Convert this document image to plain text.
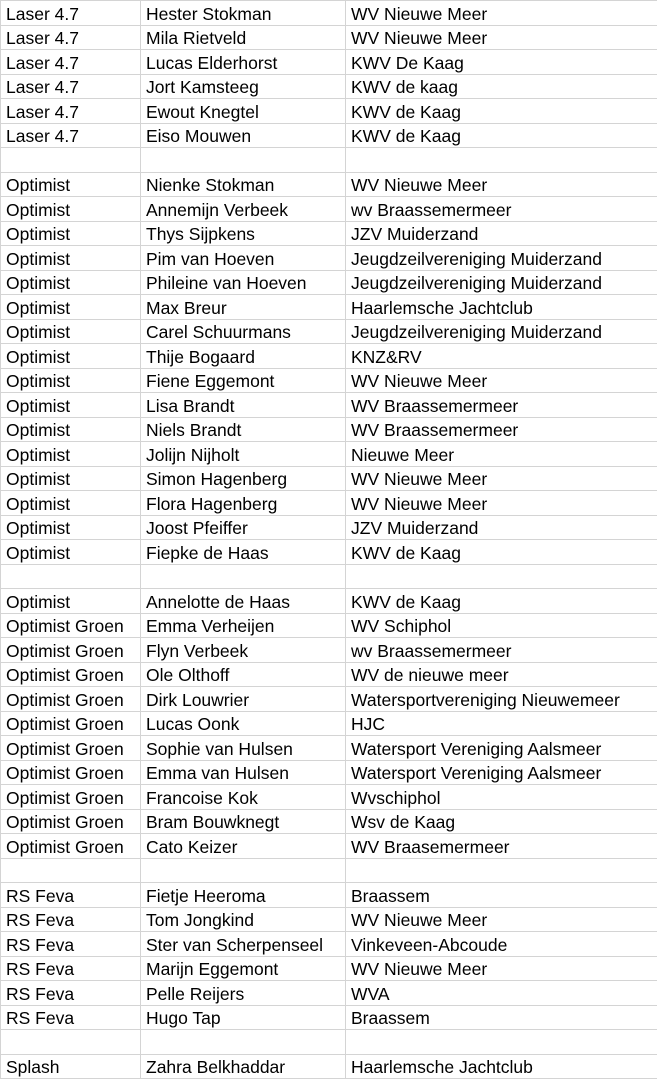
Laser 4.7	Hester Stokman	WV Nieuwe Meer
Laser 4.7	Mila Rietveld	WV Nieuwe Meer
Laser 4.7	Lucas Elderhorst	KWV De Kaag
Laser 4.7	Jort Kamsteeg	KWV de kaag
Laser 4.7	Ewout Knegtel	KWV de Kaag
Laser 4.7	Eiso Mouwen	KWV de Kaag

Optimist	Nienke Stokman	WV Nieuwe Meer
Optimist	Annemijn Verbeek	wv Braassemermeer
Optimist	Thys Sijpkens	JZV Muiderzand
Optimist	Pim van Hoeven	Jeugdzeilvereniging Muiderzand
Optimist	Phileine van Hoeven	Jeugdzeilvereniging Muiderzand
Optimist	Max Breur	Haarlemsche Jachtclub
Optimist	Carel Schuurmans	Jeugdzeilvereniging Muiderzand
Optimist	Thije Bogaard	KNZ&RV
Optimist	Fiene Eggemont	WV Nieuwe Meer
Optimist	Lisa Brandt	WV Braassemermeer
Optimist	Niels Brandt	WV Braassemermeer
Optimist	Jolijn Nijholt	Nieuwe Meer
Optimist	Simon Hagenberg	WV Nieuwe Meer
Optimist	Flora Hagenberg	WV Nieuwe Meer
Optimist	Joost Pfeiffer	JZV Muiderzand
Optimist	Fiepke de Haas	KWV de Kaag

Optimist	Annelotte de Haas	KWV de Kaag
Optimist Groen	Emma Verheijen	WV Schiphol
Optimist Groen	Flyn Verbeek	wv Braassemermeer
Optimist Groen	Ole Olthoff	WV de nieuwe meer
Optimist Groen	Dirk Louwrier	Watersportvereniging Nieuwemeer
Optimist Groen	Lucas Oonk	HJC
Optimist Groen	Sophie van Hulsen	Watersport Vereniging Aalsmeer
Optimist Groen	Emma van Hulsen	Watersport Vereniging Aalsmeer
Optimist Groen	Francoise Kok	Wvschiphol
Optimist Groen	Bram Bouwknegt	Wsv de Kaag
Optimist Groen	Cato Keizer	WV Braasemermeer

RS Feva	Fietje Heeroma	Braassem
RS Feva	Tom Jongkind	WV Nieuwe Meer
RS Feva	Ster van Scherpenseel	Vinkeveen-Abcoude
RS Feva	Marijn Eggemont	WV Nieuwe Meer
RS Feva	Pelle Reijers	WVA
RS Feva	Hugo Tap	Braassem

Splash	Zahra Belkhaddar	Haarlemsche Jachtclub
